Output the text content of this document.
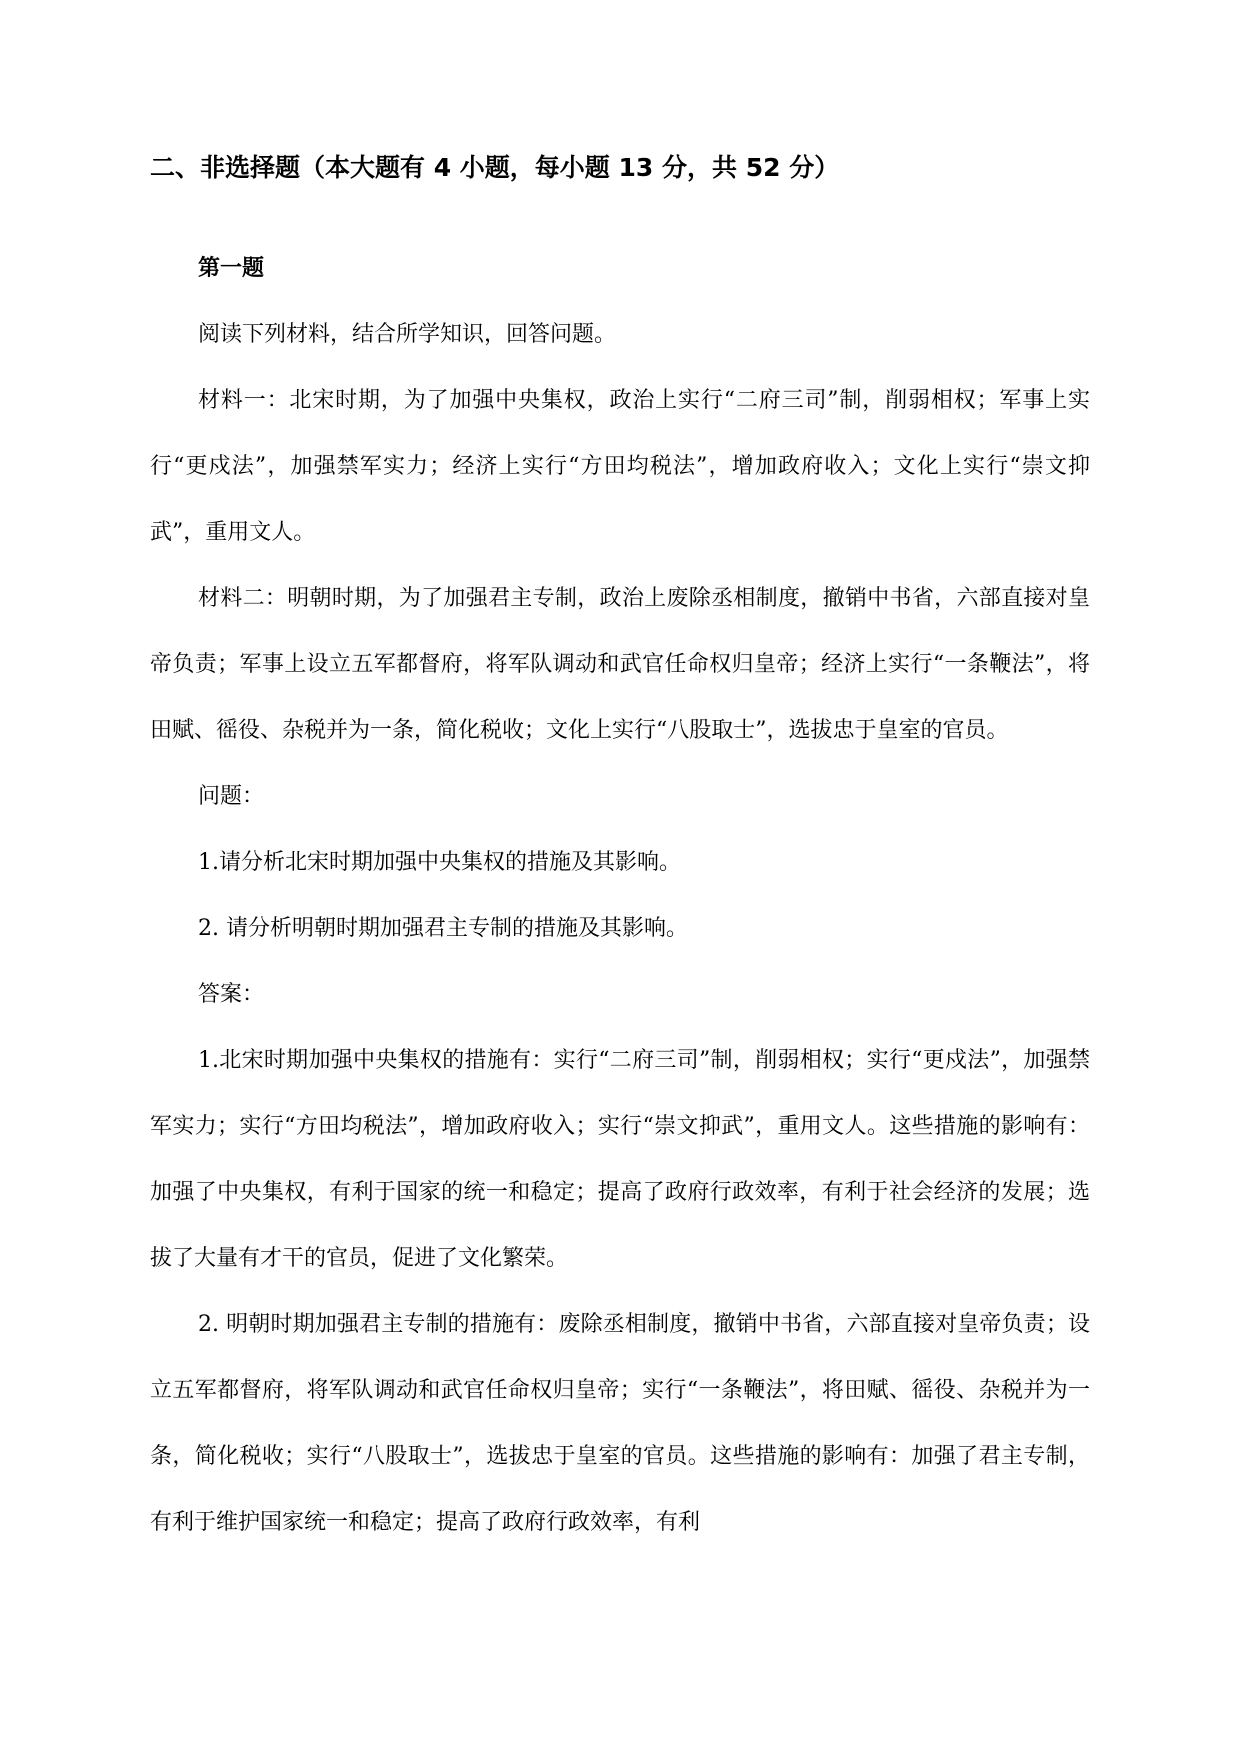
二、非选择题（本大题有 4 小题，每小题 13 分，共 52 分）

第一题

阅读下列材料，结合所学知识，回答问题。

材料一：北宋时期，为了加强中央集权，政治上实行“二府三司”制，削弱相权；军事上实行“更戍法”，加强禁军实力；经济上实行“方田均税法”，增加政府收入；文化上实行“崇文抑武”，重用文人。

材料二：明朝时期，为了加强君主专制，政治上废除丞相制度，撤销中书省，六部直接对皇帝负责；军事上设立五军都督府，将军队调动和武官任命权归皇帝；经济上实行“一条鞭法”，将田赋、徭役、杂税并为一条，简化税收；文化上实行“八股取士”，选拔忠于皇室的官员。

问题：

1.请分析北宋时期加强中央集权的措施及其影响。

2. 请分析明朝时期加强君主专制的措施及其影响。

答案：

1.北宋时期加强中央集权的措施有：实行“二府三司”制，削弱相权；实行“更戍法”，加强禁军实力；实行“方田均税法”，增加政府收入；实行“崇文抑武”，重用文人。这些措施的影响有：加强了中央集权，有利于国家的统一和稳定；提高了政府行政效率，有利于社会经济的发展；选拔了大量有才干的官员，促进了文化繁荣。

2. 明朝时期加强君主专制的措施有：废除丞相制度，撤销中书省，六部直接对皇帝负责；设立五军都督府，将军队调动和武官任命权归皇帝；实行“一条鞭法”，将田赋、徭役、杂税并为一条，简化税收；实行“八股取士”，选拔忠于皇室的官员。这些措施的影响有：加强了君主专制，有利于维护国家统一和稳定；提高了政府行政效率，有利
